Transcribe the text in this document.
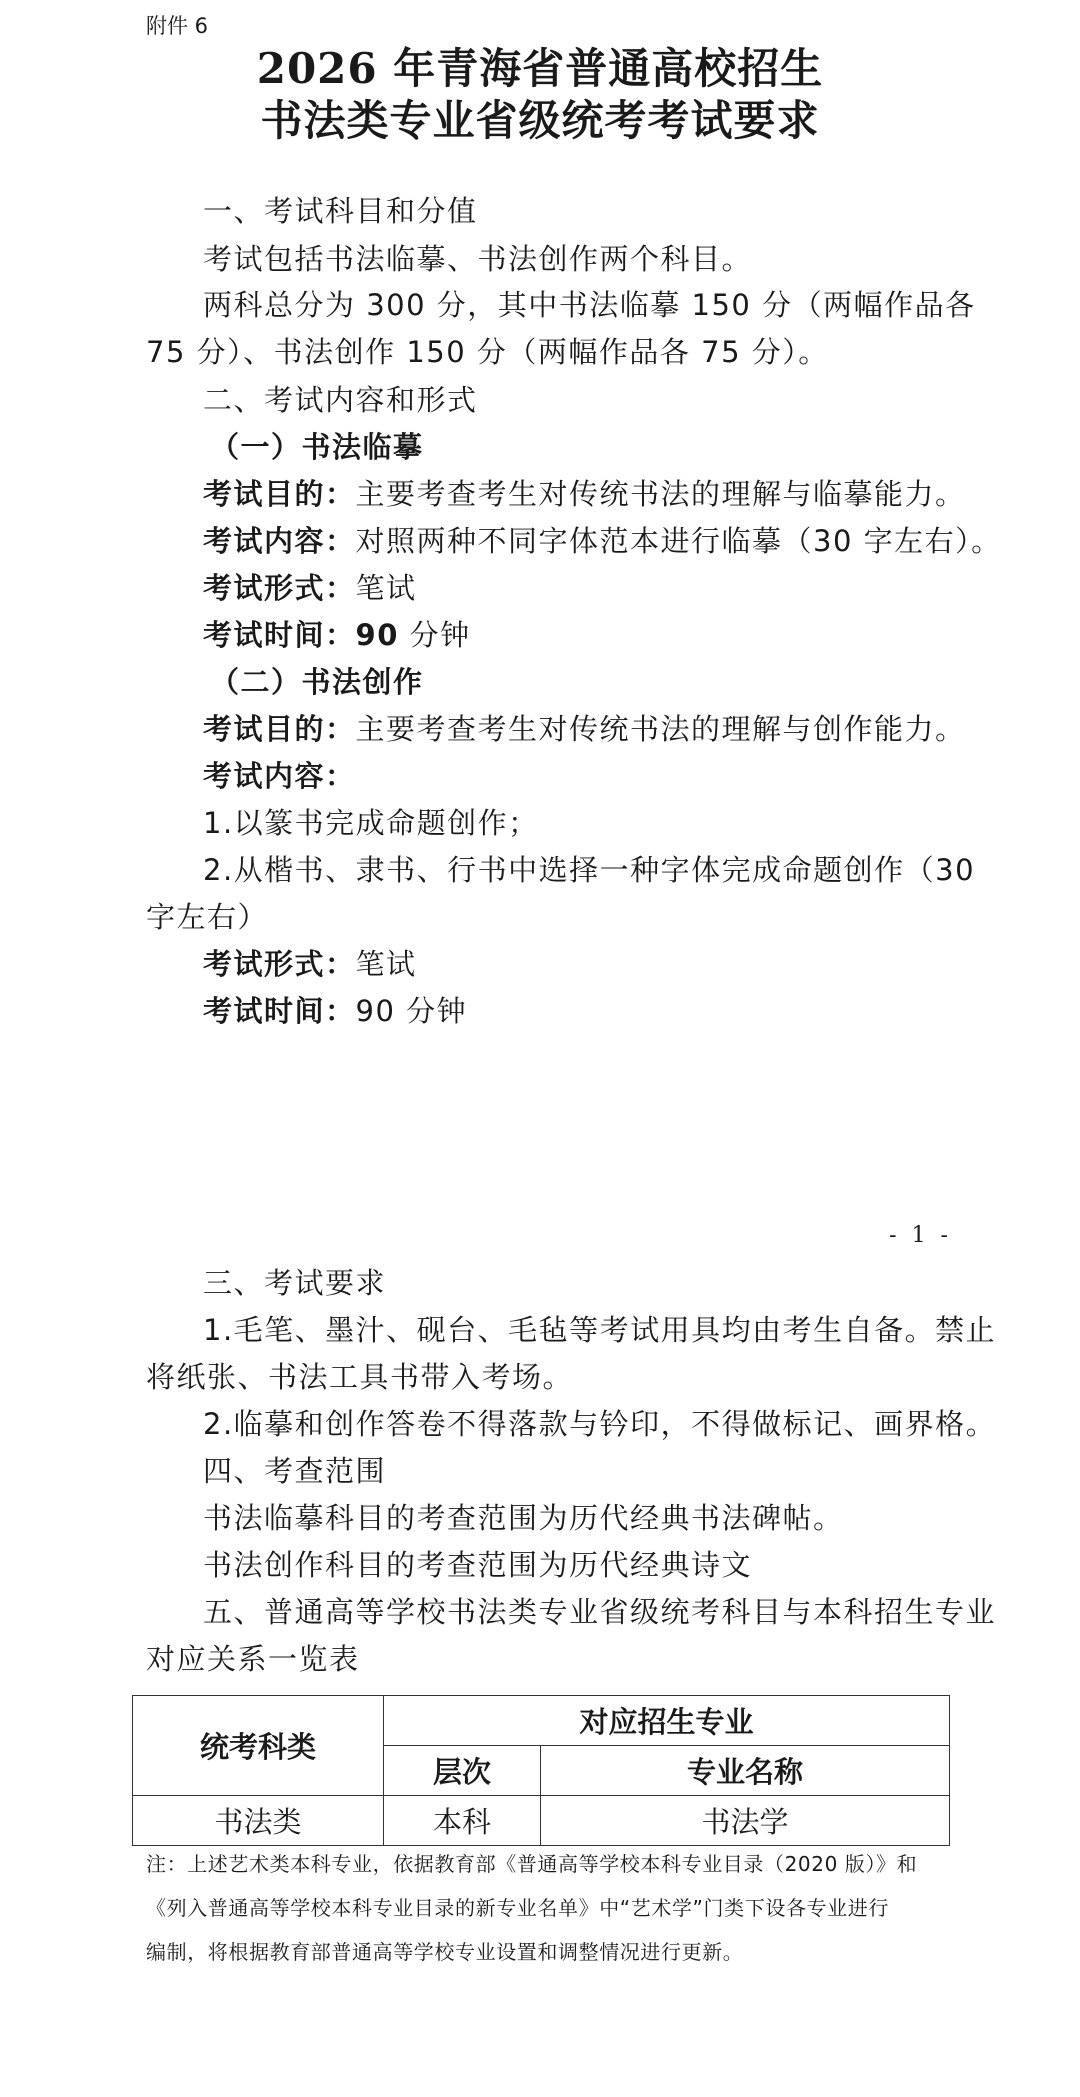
附件 6
2026 年青海省普通高校招生
书法类专业省级统考考试要求
一、考试科目和分值
考试包括书法临摹、书法创作两个科目。
两科总分为 300 分，其中书法临摹 150 分（两幅作品各
75 分）、书法创作 150 分（两幅作品各 75 分）。
二、考试内容和形式
（一）书法临摹
考试目的：主要考查考生对传统书法的理解与临摹能力。
考试内容：对照两种不同字体范本进行临摹（30 字左右）。
考试形式：笔试
考试时间：90 分钟
（二）书法创作
考试目的：主要考查考生对传统书法的理解与创作能力。
考试内容：
1.以篆书完成命题创作；
2.从楷书、隶书、行书中选择一种字体完成命题创作（30
字左右）
考试形式：笔试
考试时间：90 分钟
- 1 -
三、考试要求
1.毛笔、墨汁、砚台、毛毡等考试用具均由考生自备。禁止
将纸张、书法工具书带入考场。
2.临摹和创作答卷不得落款与钤印，不得做标记、画界格。
四、考查范围
书法临摹科目的考查范围为历代经典书法碑帖。
书法创作科目的考查范围为历代经典诗文
五、普通高等学校书法类专业省级统考科目与本科招生专业
对应关系一览表
统考科类	对应招生专业	
	层次	专业名称
书法类	本科	书法学
注：上述艺术类本科专业，依据教育部《普通高等学校本科专业目录（2020 版）》和
《列入普通高等学校本科专业目录的新专业名单》中“艺术学”门类下设各专业进行
编制，将根据教育部普通高等学校专业设置和调整情况进行更新。
